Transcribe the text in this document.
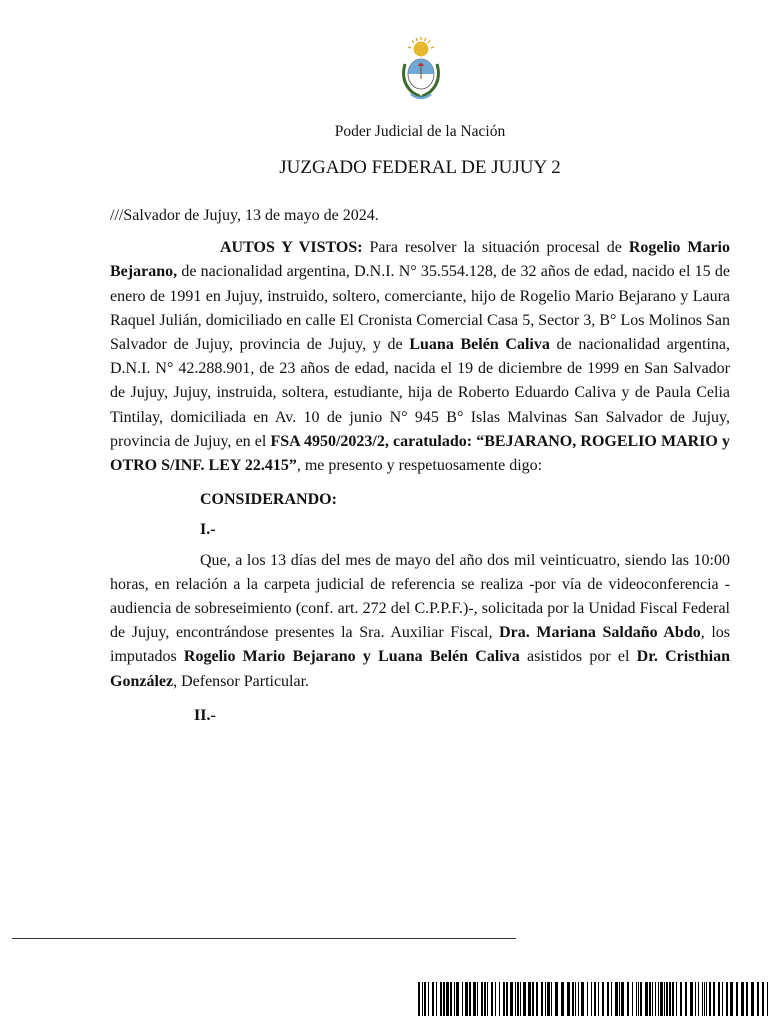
Poder Judicial de la Nación
JUZGADO FEDERAL DE JUJUY 2

///Salvador de Jujuy, 13 de mayo de 2024.

AUTOS Y VISTOS: Para resolver la situación procesal de Rogelio Mario Bejarano, de nacionalidad argentina, D.N.I. N° 35.554.128, de 32 años de edad, nacido el 15 de enero de 1991 en Jujuy, instruido, soltero, comerciante, hijo de Rogelio Mario Bejarano y Laura Raquel Julián, domiciliado en calle El Cronista Comercial Casa 5, Sector 3, B° Los Molinos San Salvador de Jujuy, provincia de Jujuy, y de Luana Belén Caliva de nacionalidad argentina, D.N.I. N° 42.288.901, de 23 años de edad, nacida el 19 de diciembre de 1999 en San Salvador de Jujuy, Jujuy, instruida, soltera, estudiante, hija de Roberto Eduardo Caliva y de Paula Celia Tintilay, domiciliada en Av. 10 de junio N° 945 B° Islas Malvinas San Salvador de Jujuy, provincia de Jujuy, en el FSA 4950/2023/2, caratulado: “BEJARANO, ROGELIO MARIO y OTRO S/INF. LEY 22.415”, me presento y respetuosamente digo:

CONSIDERANDO:

I.-

Que, a los 13 días del mes de mayo del año dos mil veinticuatro, siendo las 10:00 horas, en relación a la carpeta judicial de referencia se realiza -por vía de videoconferencia -audiencia de sobreseimiento (conf. art. 272 del C.P.P.F.)-, solicitada por la Unidad Fiscal Federal de Jujuy, encontrándose presentes la Sra. Auxiliar Fiscal, Dra. Mariana Saldaño Abdo, los imputados Rogelio Mario Bejarano y Luana Belén Caliva asistidos por el Dr. Cristhian González, Defensor Particular.

II.-
